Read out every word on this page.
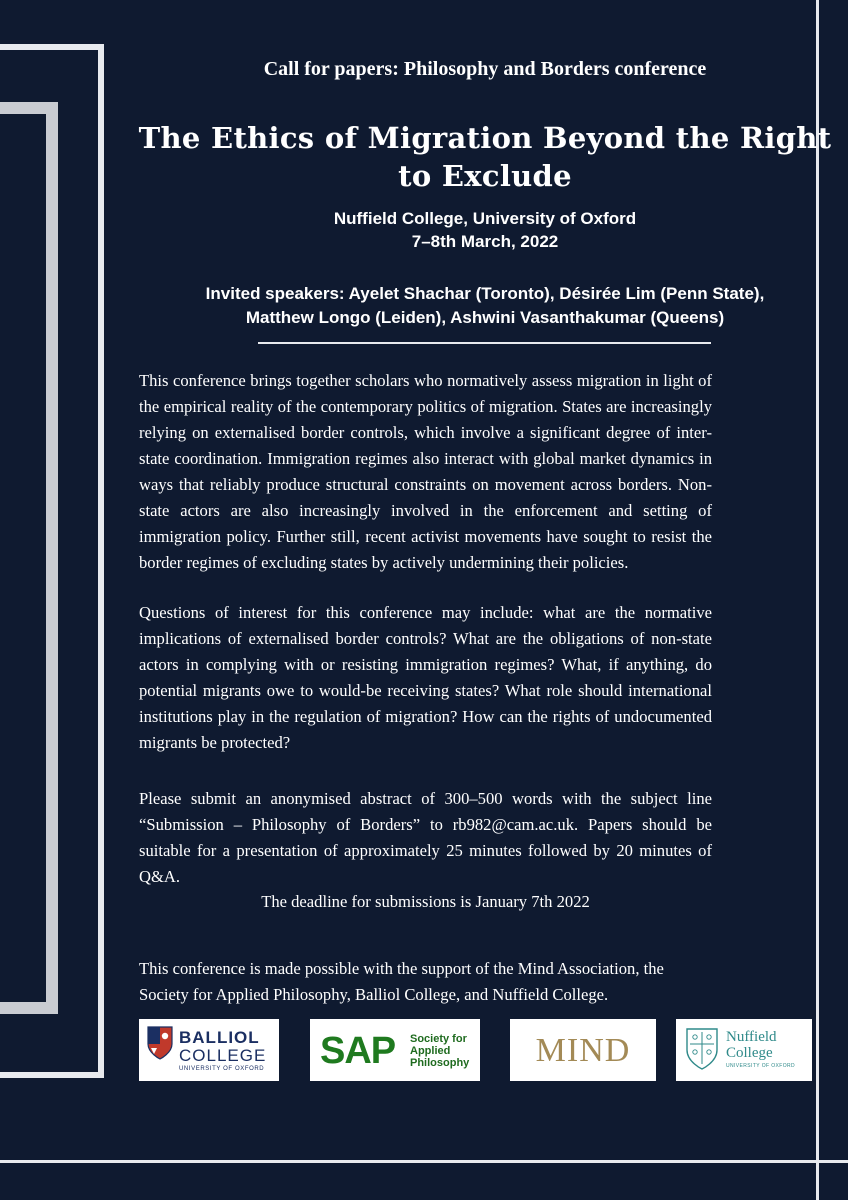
Call for papers: Philosophy and Borders conference
The Ethics of Migration Beyond the Right
to Exclude
Nuffield College, University of Oxford
7–8th March, 2022
Invited speakers: Ayelet Shachar (Toronto), Désirée Lim (Penn State),
Matthew Longo (Leiden), Ashwini Vasanthakumar (Queens)
This conference brings together scholars who normatively assess migration in light of the empirical reality of the contemporary politics of migration. States are increasingly relying on externalised border controls, which involve a significant degree of inter-state coordination. Immigration regimes also interact with global market dynamics in ways that reliably produce structural constraints on movement across borders. Non-state actors are also increasingly involved in the enforcement and setting of immigration policy. Further still, recent activist movements have sought to resist the border regimes of excluding states by actively undermining their policies.
Questions of interest for this conference may include: what are the normative implications of externalised border controls? What are the obligations of non-state actors in complying with or resisting immigration regimes? What, if anything, do potential migrants owe to would-be receiving states? What role should international institutions play in the regulation of migration? How can the rights of undocumented migrants be protected?
Please submit an anonymised abstract of 300–500 words with the subject line “Submission – Philosophy of Borders” to rb982@cam.ac.uk. Papers should be suitable for a presentation of approximately 25 minutes followed by 20 minutes of Q&A.
The deadline for submissions is January 7th 2022
This conference is made possible with the support of the Mind Association, the Society for Applied Philosophy, Balliol College, and Nuffield College.
BALLIOL
COLLEGE
UNIVERSITY OF OXFORD SAP Society for
Applied
Philosophy	MIND	Nuffield
College
UNIVERSITY OF OXFORD
